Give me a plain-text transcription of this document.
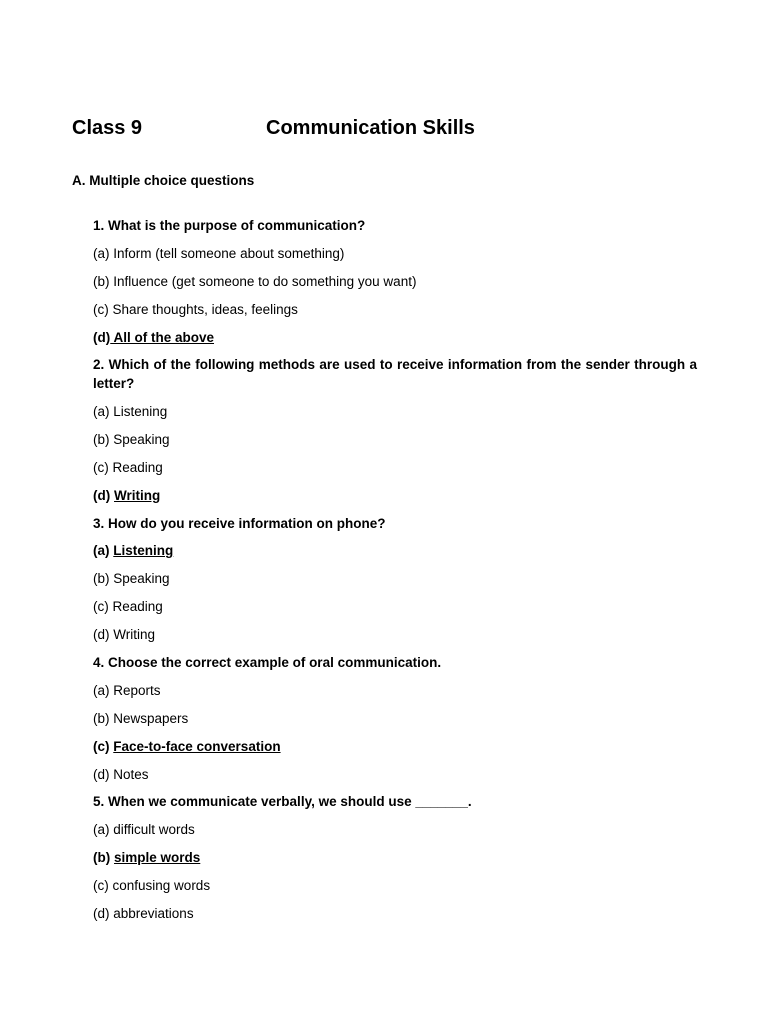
Class 9	Communication Skills
A. Multiple choice questions
1. What is the purpose of communication?
(a) Inform (tell someone about something)
(b) Influence (get someone to do something you want)
(c) Share thoughts, ideas, feelings
(d) All of the above
2. Which of the following methods are used to receive information from the sender through a letter?
(a) Listening
(b) Speaking
(c) Reading
(d) Writing
3. How do you receive information on phone?
(a) Listening
(b) Speaking
(c) Reading
(d) Writing
4. Choose the correct example of oral communication.
(a) Reports
(b) Newspapers
(c) Face-to-face conversation
(d) Notes
5. When we communicate verbally, we should use _______.
(a) difficult words
(b) simple words
(c) confusing words
(d) abbreviations
